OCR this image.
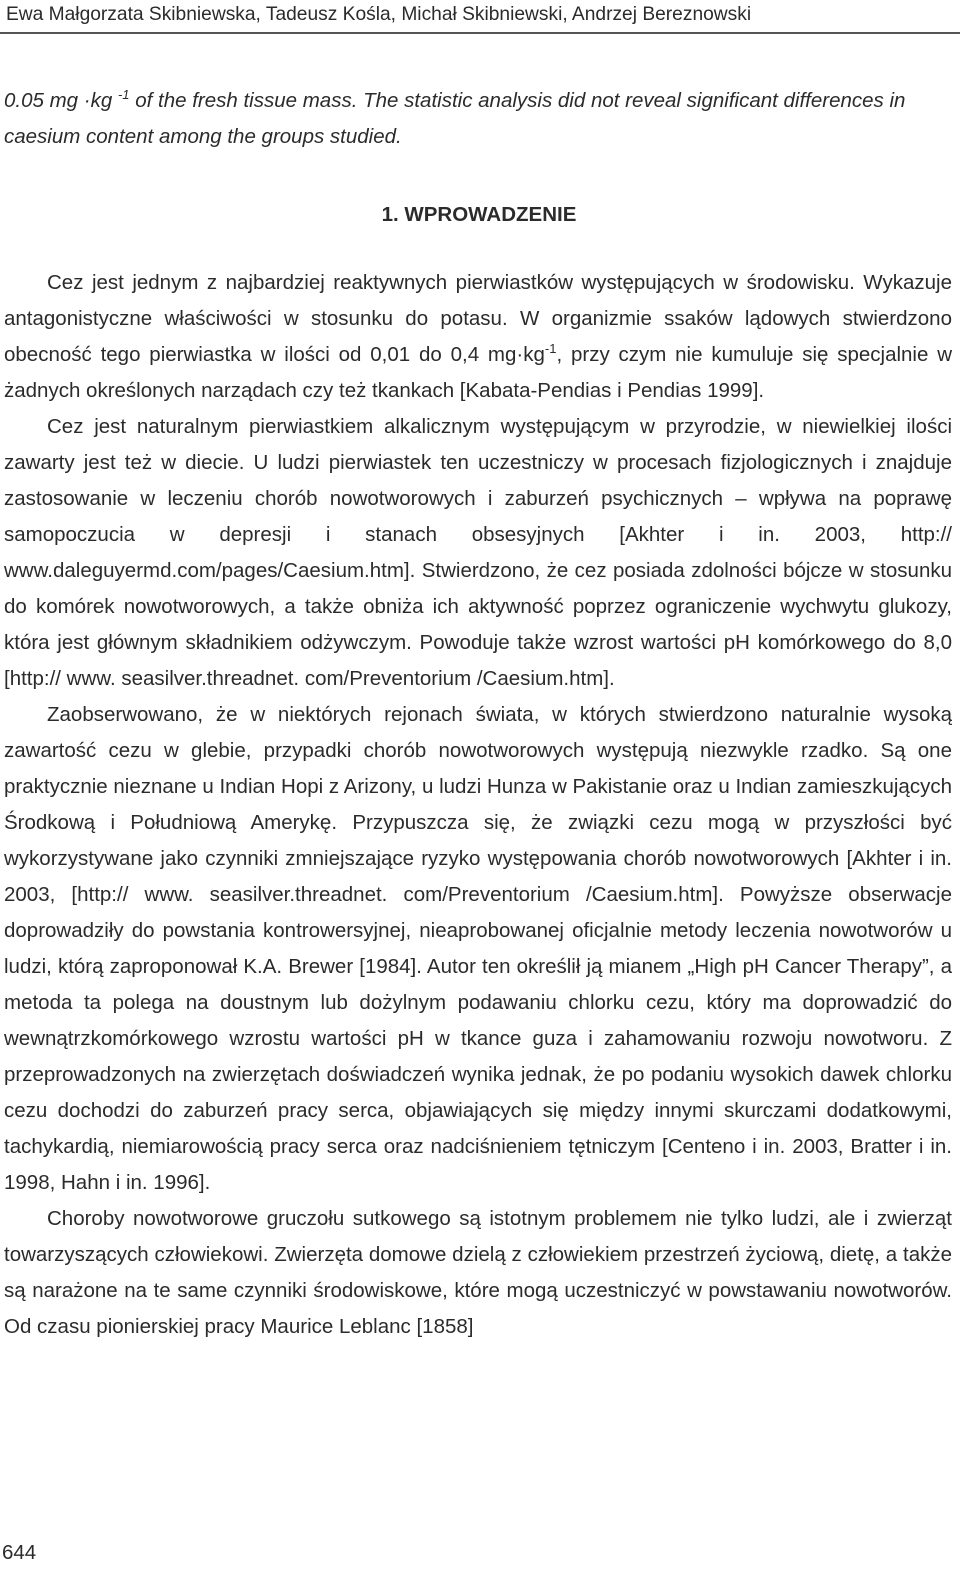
Ewa Małgorzata Skibniewska, Tadeusz Kośla, Michał Skibniewski, Andrzej Bereznowski

0.05 mg ·kg $^{-1}$ of the fresh tissue mass. The statistic analysis did not reveal significant differences in caesium content among the groups studied.

1. WPROWADZENIE

Cez jest jednym z najbardziej reaktywnych pierwiastków występujących w środowisku. Wykazuje antagonistyczne właściwości w stosunku do potasu. W organizmie ssaków lądowych stwierdzono obecność tego pierwiastka w ilości od 0,01 do 0,4 $mg\cdot kg^{-1}$, przy czym nie kumuluje się specjalnie w żadnych określonych narządach czy też tkankach [Kabata-Pendias i Pendias 1999].

Cez jest naturalnym pierwiastkiem alkalicznym występującym w przyrodzie, w niewielkiej ilości zawarty jest też w diecie. U ludzi pierwiastek ten uczestniczy w procesach fizjologicznych i znajduje zastosowanie w leczeniu chorób nowotworowych i zaburzeń psychicznych – wpływa na poprawę samopoczucia w depresji i stanach obsesyjnych [Akhter i in. 2003, http:// www.daleguyermd.com/pages/Caesium.htm]. Stwierdzono, że cez posiada zdolności bójcze w stosunku do komórek nowotworowych, a także obniża ich aktywność poprzez ograniczenie wychwytu glukozy, która jest głównym składnikiem odżywczym. Powoduje także wzrost wartości pH komórkowego do 8,0 [http:// www. seasilver.threadnet. com/Preventorium /Caesium.htm].

Zaobserwowano, że w niektórych rejonach świata, w których stwierdzono naturalnie wysoką zawartość cezu w glebie, przypadki chorób nowotworowych występują niezwykle rzadko. Są one praktycznie nieznane u Indian Hopi z Arizony, u ludzi Hunza w Pakistanie oraz u Indian zamieszkujących Środkową i Południową Amerykę. Przypuszcza się, że związki cezu mogą w przyszłości być wykorzystywane jako czynniki zmniejszające ryzyko występowania chorób nowotworowych [Akhter i in. 2003, [http:// www. seasilver.threadnet. com/Preventorium /Caesium.htm]. Powyższe obserwacje doprowadziły do powstania kontrowersyjnej, nieaprobowanej oficjalnie metody leczenia nowotworów u ludzi, którą zaproponował K.A. Brewer [1984]. Autor ten określił ją mianem „High pH Cancer Therapy”, a metoda ta polega na doustnym lub dożylnym podawaniu chlorku cezu, który ma doprowadzić do wewnątrzkomórkowego wzrostu wartości pH w tkance guza i zahamowaniu rozwoju nowotworu. Z przeprowadzonych na zwierzętach doświadczeń wynika jednak, że po podaniu wysokich dawek chlorku cezu dochodzi do zaburzeń pracy serca, objawiających się między innymi skurczami dodatkowymi, tachykardią, niemiarowością pracy serca oraz nadciśnieniem tętniczym [Centeno i in. 2003, Bratter i in. 1998, Hahn i in. 1996].

Choroby nowotworowe gruczołu sutkowego są istotnym problemem nie tylko ludzi, ale i zwierząt towarzyszących człowiekowi. Zwierzęta domowe dzielą z człowiekiem przestrzeń życiową, dietę, a także są narażone na te same czynniki środowiskowe, które mogą uczestniczyć w powstawaniu nowotworów. Od czasu pionierskiej pracy Maurice Leblanc [1858]

644
